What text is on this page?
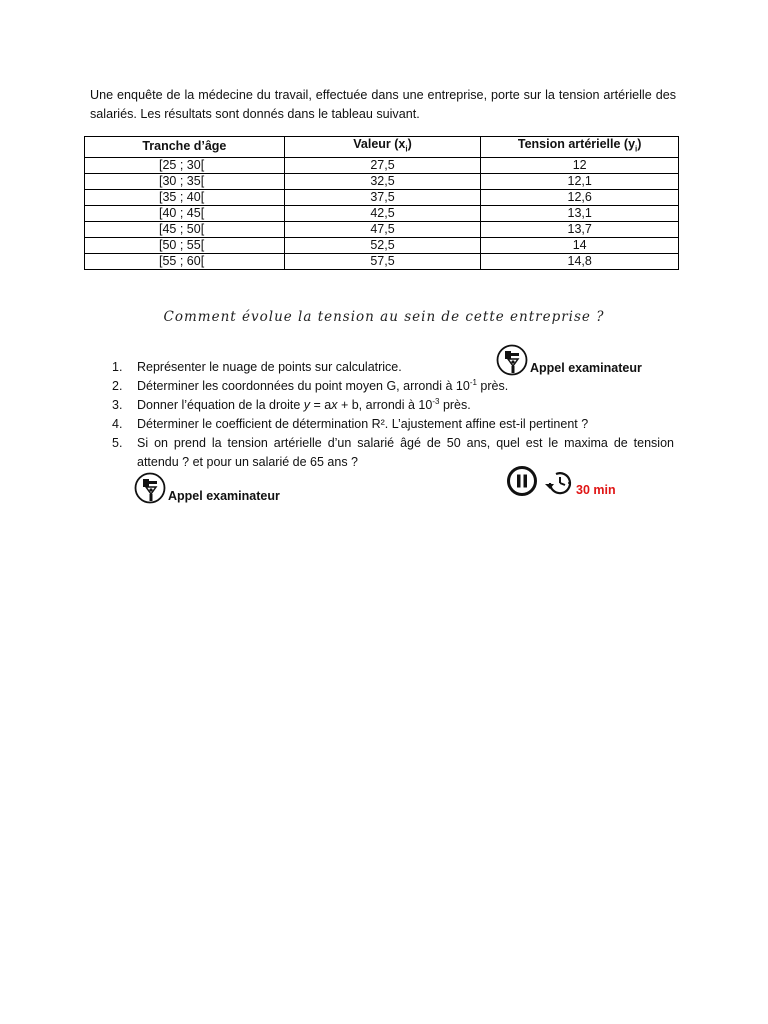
Une enquête de la médecine du travail, effectuée dans une entreprise, porte sur la tension artérielle des salariés. Les résultats sont donnés dans le tableau suivant.
Tranche d’âge	Valeur $(x_i)$	Tension artérielle $(y_i)$
[25 ; 30[	27,5	12
[30 ; 35[	32,5	12,1
[35 ; 40[	37,5	12,6
[40 ; 45[	42,5	13,1
[45 ; 50[	47,5	13,7
[50 ; 55[	52,5	14
[55 ; 60[	57,5	14,8
Comment évolue la tension au sein de cette entreprise ?
1. Représenter le nuage de points sur calculatrice.
2. Déterminer les coordonnées du point moyen G, arrondi à $10^{-1}$ près.
3. Donner l’équation de la droite y = ax + b, arrondi à $10^{-3}$ près.
4. Déterminer le coefficient de détermination R². L’ajustement affine est-il pertinent ?
5. Si on prend la tension artérielle d’un salarié âgé de 50 ans, quel est le maxima de tension attendu ? et pour un salarié de 65 ans ?
Appel examinateur
Appel examinateur	30 min
